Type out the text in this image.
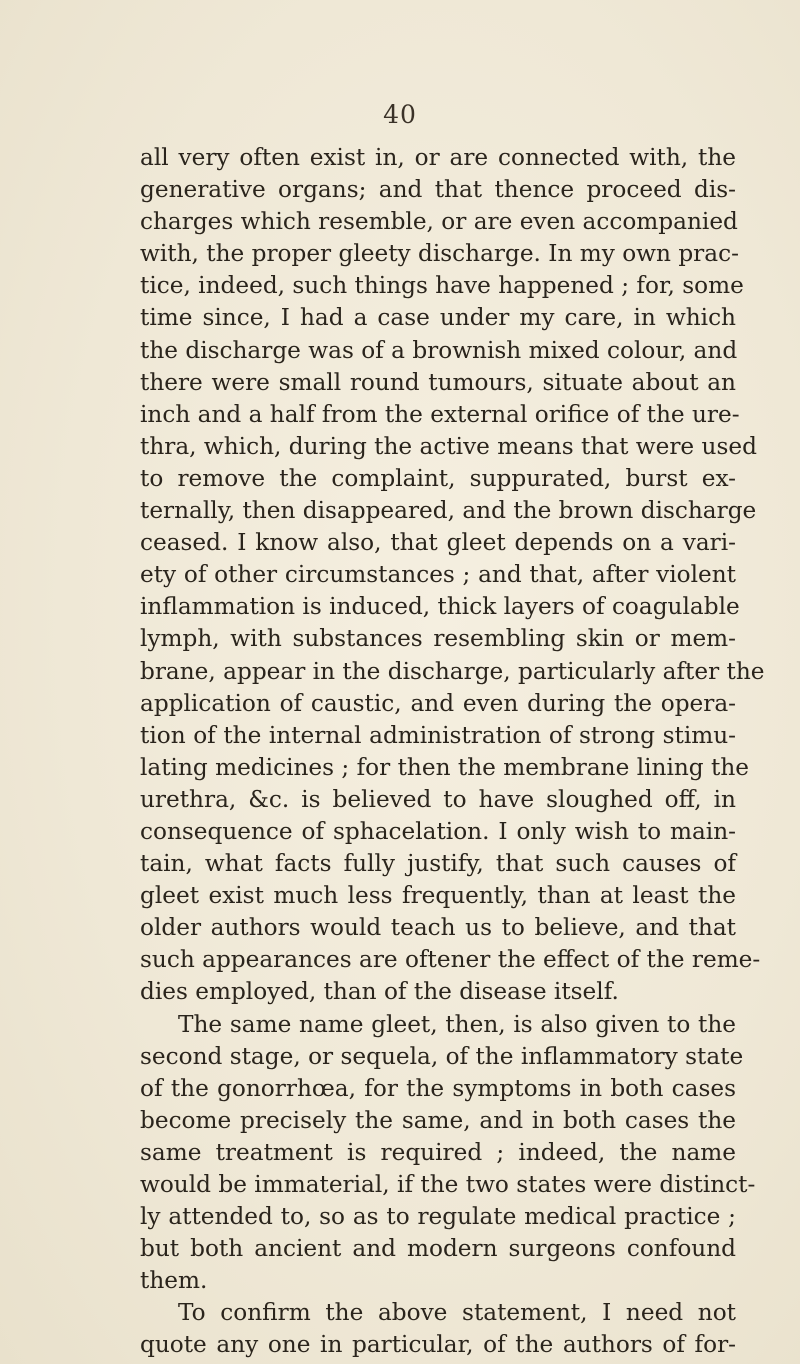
40
all very often exist in, or are connected with, the
generative organs; and that thence proceed dis-
charges which resemble, or are even accompanied
with, the proper gleety discharge. In my own prac-
tice, indeed, such things have happened ; for, some
time since, I had a case under my care, in which
the discharge was of a brownish mixed colour, and
there were small round tumours, situate about an
inch and a half from the external orifice of the ure-
thra, which, during the active means that were used
to remove the complaint, suppurated, burst ex-
ternally, then disappeared, and the brown discharge
ceased. I know also, that gleet depends on a vari-
ety of other circumstances ; and that, after violent
inflammation is induced, thick layers of coagulable
lymph, with substances resembling skin or mem-
brane, appear in the discharge, particularly after the
application of caustic, and even during the opera-
tion of the internal administration of strong stimu-
lating medicines ; for then the membrane lining the
urethra, &c. is believed to have sloughed off, in
consequence of sphacelation. I only wish to main-
tain, what facts fully justify, that such causes of
gleet exist much less frequently, than at least the
older authors would teach us to believe, and that
such appearances are oftener the effect of the reme-
dies employed, than of the disease itself.
The same name gleet, then, is also given to the
second stage, or sequela, of the inflammatory state
of the gonorrhœa, for the symptoms in both cases
become precisely the same, and in both cases the
same treatment is required ; indeed, the name
would be immaterial, if the two states were distinct-
ly attended to, so as to regulate medical practice ;
but both ancient and modern surgeons confound
them.
To confirm the above statement, I need not
quote any one in particular, of the authors of for-
